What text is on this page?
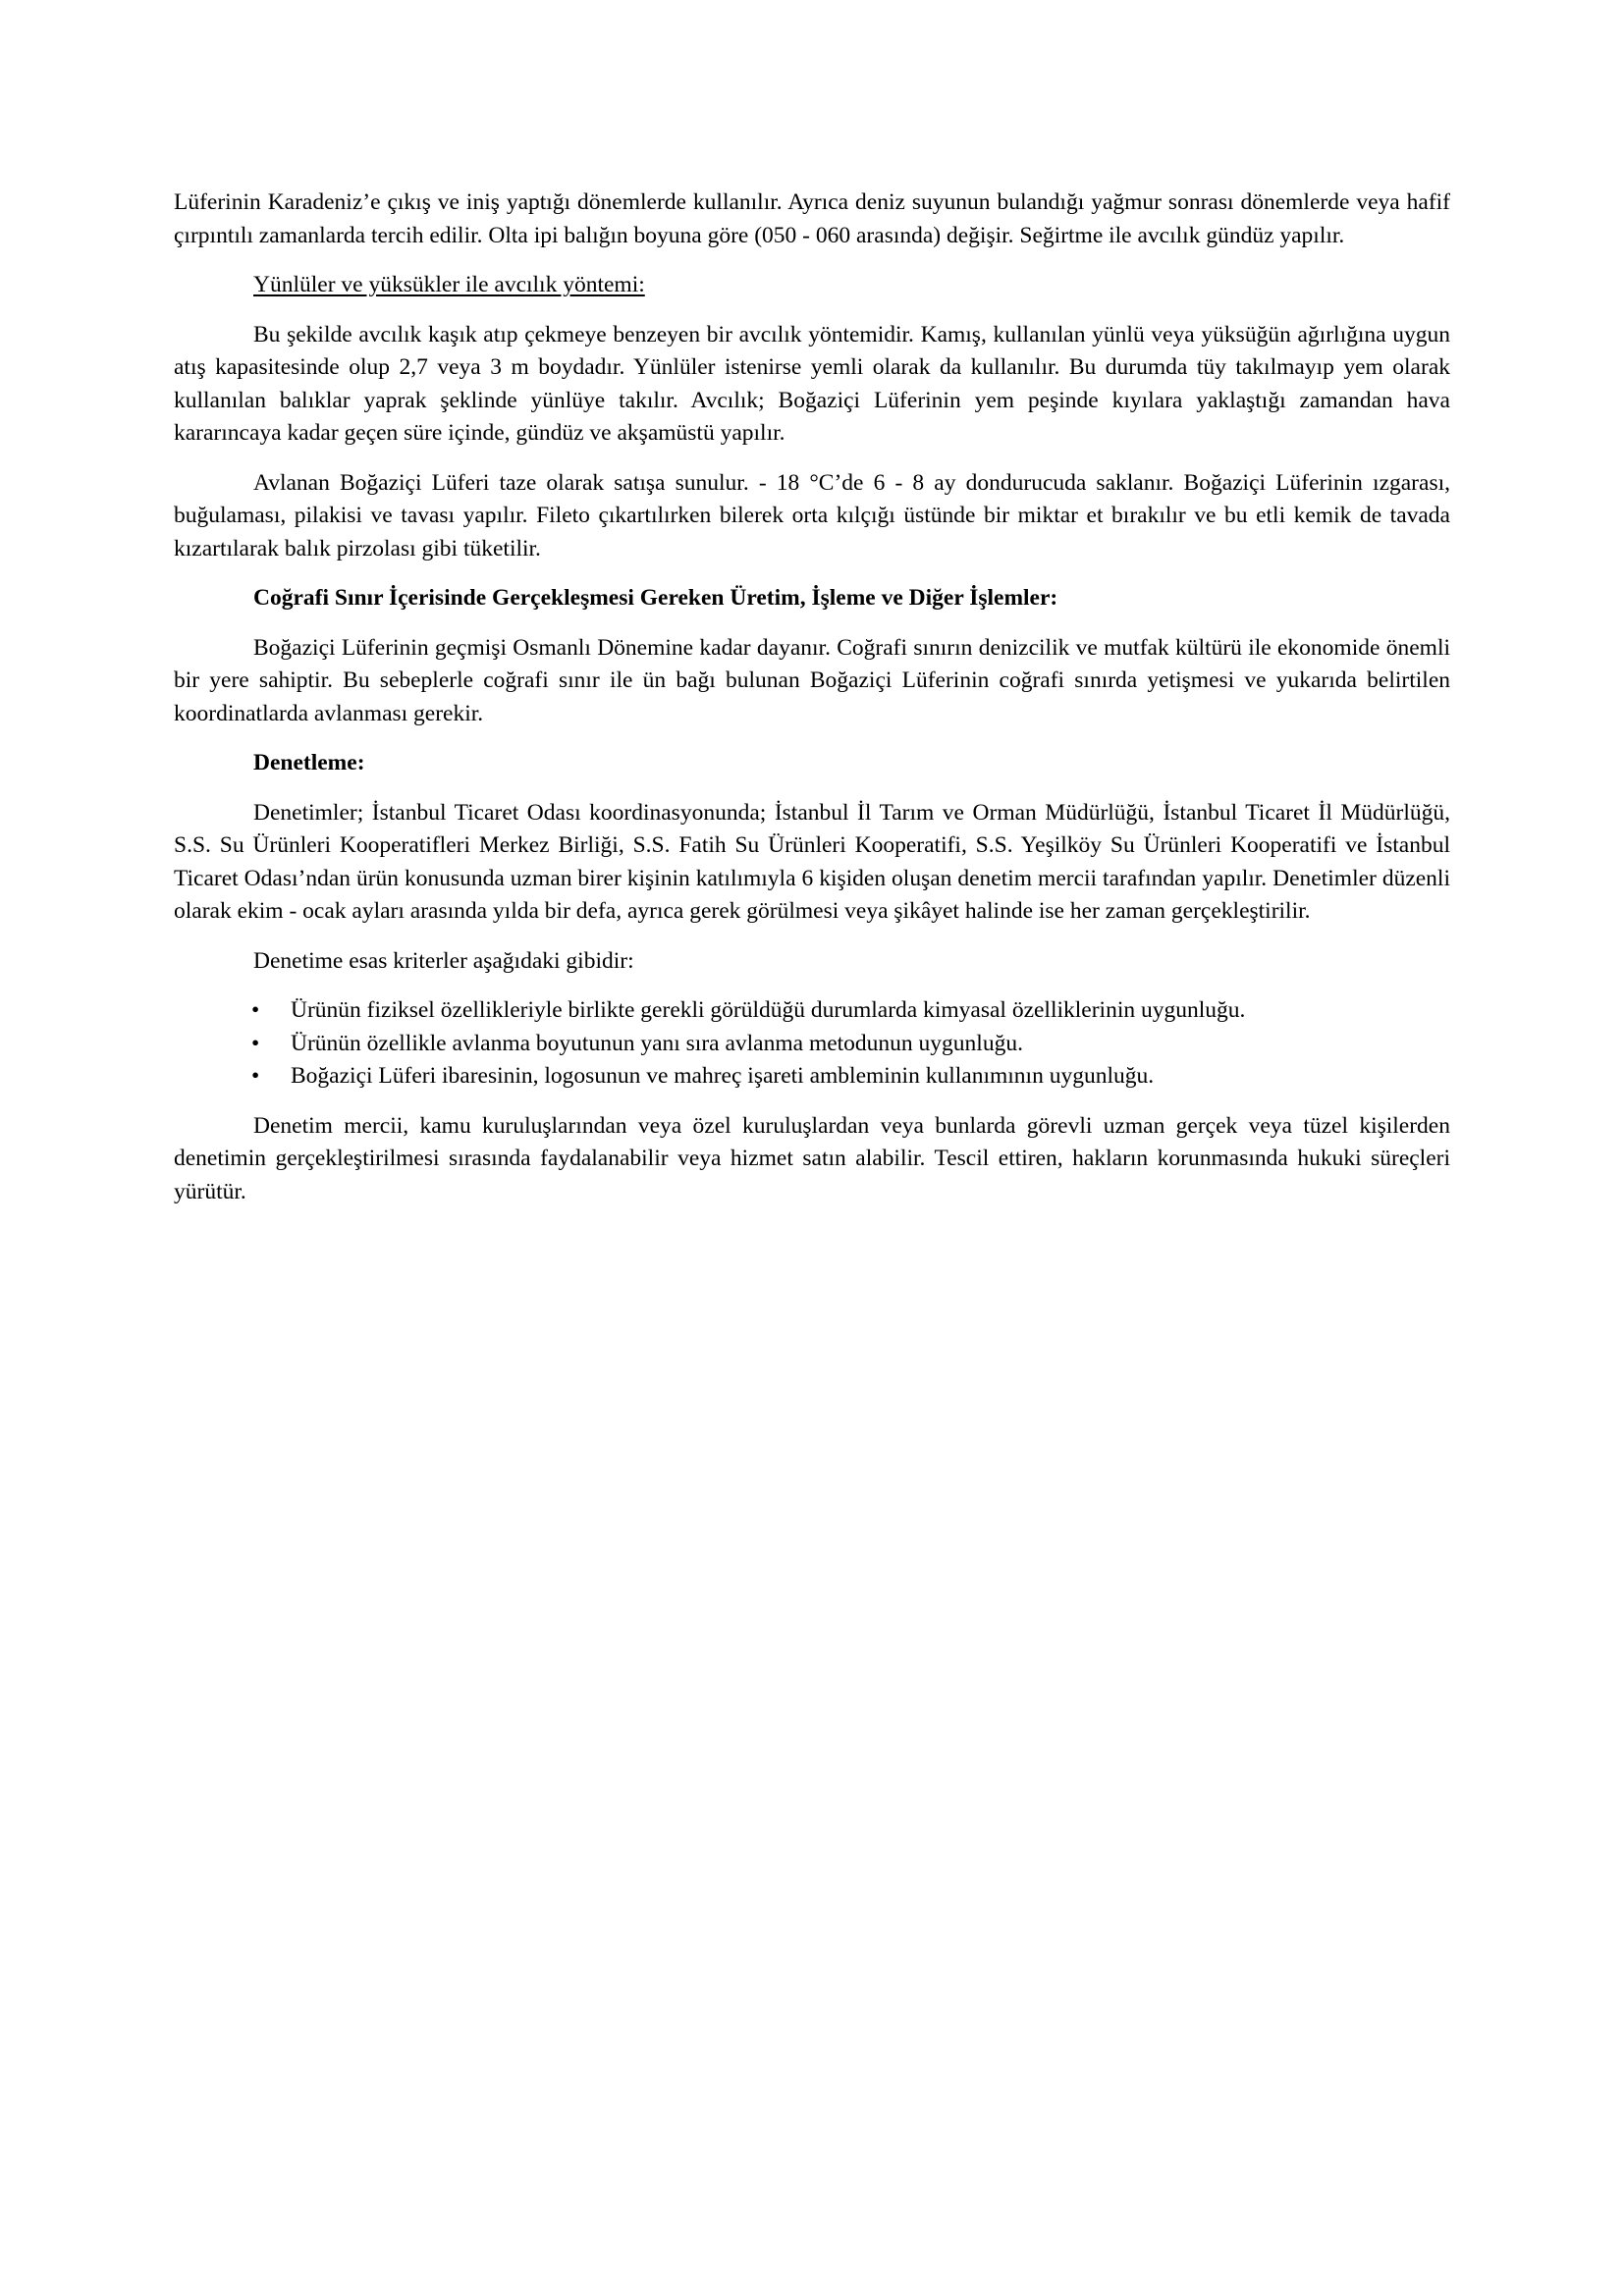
Lüferinin Karadeniz’e çıkış ve iniş yaptığı dönemlerde kullanılır. Ayrıca deniz suyunun bulandığı yağmur sonrası dönemlerde veya hafif çırpıntılı zamanlarda tercih edilir. Olta ipi balığın boyuna göre (050 - 060 arasında) değişir. Seğirtme ile avcılık gündüz yapılır.

Yünlüler ve yüksükler ile avcılık yöntemi:

Bu şekilde avcılık kaşık atıp çekmeye benzeyen bir avcılık yöntemidir. Kamış, kullanılan yünlü veya yüksüğün ağırlığına uygun atış kapasitesinde olup 2,7 veya 3 m boydadır. Yünlüler istenirse yemli olarak da kullanılır. Bu durumda tüy takılmayıp yem olarak kullanılan balıklar yaprak şeklinde yünlüye takılır. Avcılık; Boğaziçi Lüferinin yem peşinde kıyılara yaklaştığı zamandan hava kararıncaya kadar geçen süre içinde, gündüz ve akşamüstü yapılır.

Avlanan Boğaziçi Lüferi taze olarak satışa sunulur. - 18 °C’de 6 - 8 ay dondurucuda saklanır. Boğaziçi Lüferinin ızgarası, buğulaması, pilakisi ve tavası yapılır. Fileto çıkartılırken bilerek orta kılçığı üstünde bir miktar et bırakılır ve bu etli kemik de tavada kızartılarak balık pirzolası gibi tüketilir.

Coğrafi Sınır İçerisinde Gerçekleşmesi Gereken Üretim, İşleme ve Diğer İşlemler:

Boğaziçi Lüferinin geçmişi Osmanlı Dönemine kadar dayanır. Coğrafi sınırın denizcilik ve mutfak kültürü ile ekonomide önemli bir yere sahiptir. Bu sebeplerle coğrafi sınır ile ün bağı bulunan Boğaziçi Lüferinin coğrafi sınırda yetişmesi ve yukarıda belirtilen koordinatlarda avlanması gerekir.

Denetleme:

Denetimler; İstanbul Ticaret Odası koordinasyonunda; İstanbul İl Tarım ve Orman Müdürlüğü, İstanbul Ticaret İl Müdürlüğü, S.S. Su Ürünleri Kooperatifleri Merkez Birliği, S.S. Fatih Su Ürünleri Kooperatifi, S.S. Yeşilköy Su Ürünleri Kooperatifi ve İstanbul Ticaret Odası’ndan ürün konusunda uzman birer kişinin katılımıyla 6 kişiden oluşan denetim mercii tarafından yapılır. Denetimler düzenli olarak ekim - ocak ayları arasında yılda bir defa, ayrıca gerek görülmesi veya şikâyet halinde ise her zaman gerçekleştirilir.

Denetime esas kriterler aşağıdaki gibidir:

• Ürünün fiziksel özellikleriyle birlikte gerekli görüldüğü durumlarda kimyasal özelliklerinin uygunluğu.
• Ürünün özellikle avlanma boyutunun yanı sıra avlanma metodunun uygunluğu.
• Boğaziçi Lüferi ibaresinin, logosunun ve mahreç işareti ambleminin kullanımının uygunluğu.

Denetim mercii, kamu kuruluşlarından veya özel kuruluşlardan veya bunlarda görevli uzman gerçek veya tüzel kişilerden denetimin gerçekleştirilmesi sırasında faydalanabilir veya hizmet satın alabilir. Tescil ettiren, hakların korunmasında hukuki süreçleri yürütür.
